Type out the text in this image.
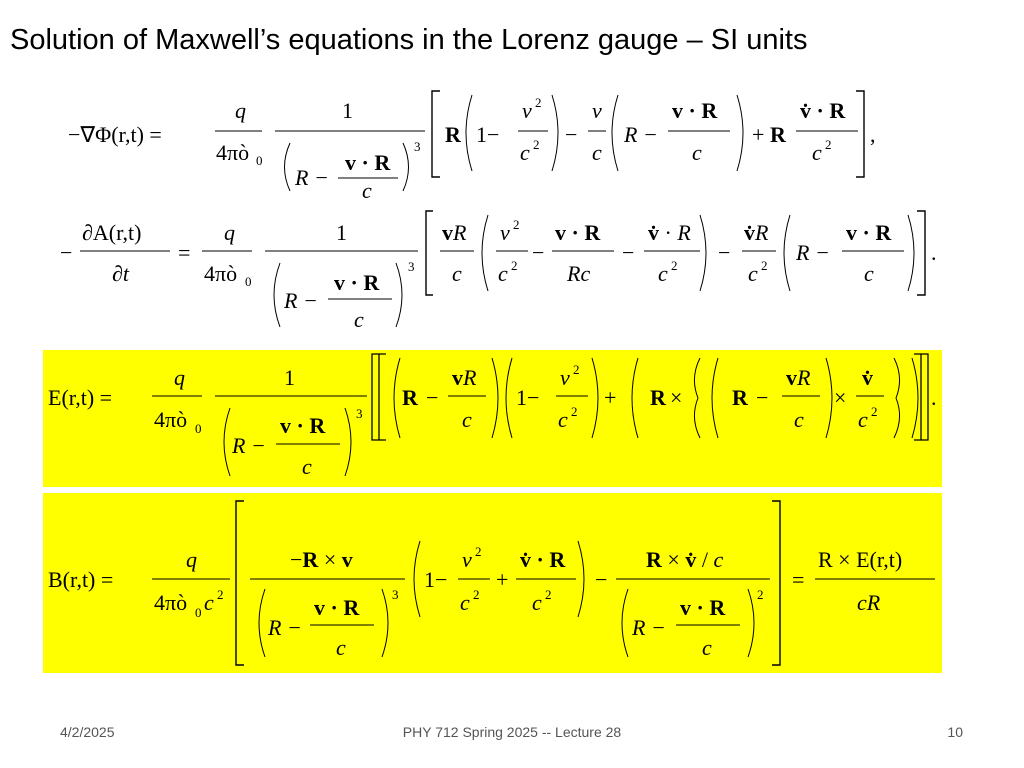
Solution of Maxwell’s equations in the Lorenz gauge – SI units
−∇Φ(r,t) =
q
4πò 0
1
R −
v · R
c
3 R 1−
v 2
c 2 −
v
c
R −
v · R
c
+ R
v̇ · R
c 2 ,
−
∂A(r,t)
∂t
=
q
4πò 0
1
R −
v · R
c
3
vR
c
v 2
c 2
−
v · R
Rc
−
v̇ · R
c 2
−
v̇R
c 2
R −
v · R
c
.
E(r,t) =
q
4πò 0
1
R −
v · R
c
3
R −
vR
c
1−
v 2
c 2
+ R × R −
vR
c
×
v̇
c 2
.
B(r,t) =
q
4πò 0 c 2
−R × v
R −
v · R
c
3
1−
v 2
c 2
+
v̇ · R
c 2
−
R × v̇ / c
R −
v · R
c
2
=
R × E(r,t)
cR
4/2/2025	PHY 712 Spring 2025 -- Lecture 28	10
